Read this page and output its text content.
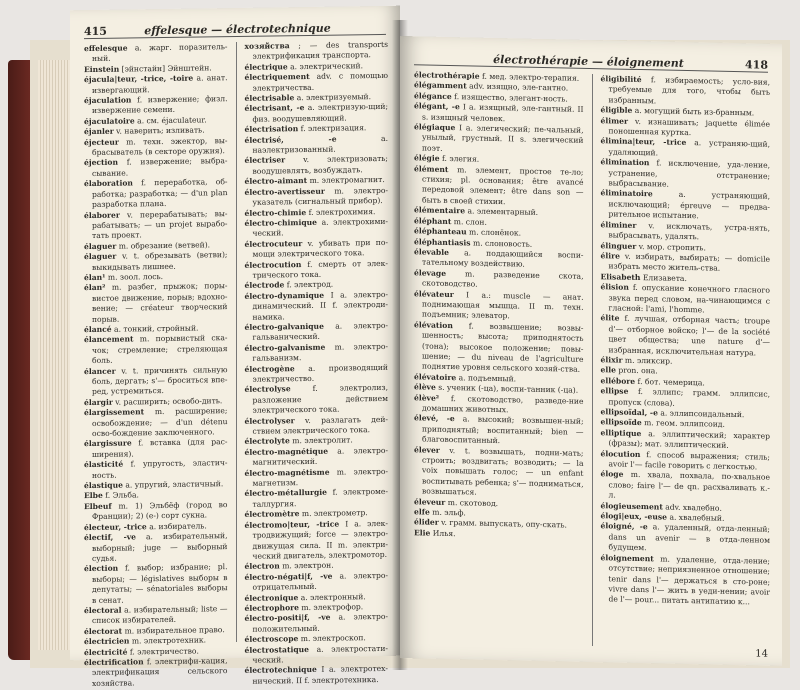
415	effelesque — électrotechnique
effelesque a. жарг. поразитель-ный.
Einstein [эйнстайн] Эйнштейн.
éjacula|teur, -trice, -toire a. анат. извергающий.
éjaculation f. извержение; физл. извержение семени.
éjaculatoire a. см. éjaculateur.
éjanler v. наверить; изливать.
éjecteur m. техн. эжектор, вы-брасыватель (в секторе оружия).
éjection f. извержение; выбра-сывание.
élaboration f. переработка, об-работка; разработка; — d'un plan разработка плана.
élaborer v. перерабатывать; вы-рабатывать; — un projet вырабо-тать проект.
élaguer m. обрезание (ветвей).
élaguer v. t. обрезывать (ветви); выкидывать лишнее.
élan¹ m. зоол. лось.
élan² m. разбег, прыжок; поры-вистое движение, порыв; вдохно-вение; — créateur творческий порыв.
élancé a. тонкий, стройный.
élancement m. порывистый ска-чок; стремление; стреляющая боль.
élancer v. t. причинять сильную боль, дергать; s'— броситься впе-ред, устремиться.
élargir v. расширить; освобо-дить.
élargissement m. расширение; освобождение; — d'un détenu осво-бождение заключенного.
élargissure f. вставка (для рас-ширения).
élasticité f. упругость, эластич-ность.
élastique a. упругий, эластичный.
Elbe f. Эльба.
Elbeuf m. 1) Эльбёф (город во Франции); 2) (е-) сорт сукна.
électeur, -trice a. избиратель.
électif, -ve a. избирательный, выборный; juge — выборный судья.
élection f. выбор; избрание; pl. выборы; — législatives выборы в депутаты; — sénatoriales выборы в сенат.
électoral a. избирательный; liste — список избирателей.
électorat m. избирательное право.
électricien m. электротехник.
électricité f. электричество.
électrification f. электрифи-кация, электрификация сельского хозяйства.
хозяйства ; — des transports электрификация транспорта.
électrique a. электрический.
électriquement adv. с помощью электричества.
électrisable a. электризуемый.
électrisant, -e a. электризую-щий; физ. воодушевляющий.
électrisation f. электризация.
électrisé, -e a. наэлектризованный.
électriser v. электризовать; воодушевлять, возбуждать.
électro-aimant m. электромагнит.
électro-avertisseur m. электро-указатель (сигнальный прибор).
électro-chimie f. электрохимия.
électro-chimique a. электрохими-ческий.
électrocuteur v. убивать при по-мощи электрического тока.
électrocution f. смерть от элек-трического тока.
électrode f. электрод.
électro-dynamique I a. электро-динамический. II f. электроди-намика.
électro-galvanique a. электро-гальванический.
électro-galvanisme m. электро-гальванизм.
électrogène a. производящий электричество.
électrolyse f. электролиз, разложение действием электрического тока.
électrolyser v. разлагать дей-ствием электрического тока.
électrolyte m. электролит.
électro-magnétique a. электро-магнитический.
électro-magnétisme m. электро-магнетизм.
électro-métallurgie f. электроме-таллургия.
électromètre m. электрометр.
électromo|teur, -trice I a. элек-тродвижущий; force — электро-движущая сила. II m. электри-ческий двигатель, электромотор.
électron m. электрон.
électro-négati|f, -ve a. электро-отрицательный.
électronique a. электронный.
électrophore m. электрофор.
électro-positi|f, -ve a. электро-положительный.
électroscope m. электроскоп.
électrostatique a. электростати-ческий.
électrotechnique I a. электротех-нический. II f. электротехника.
électrothérapie — éloignement	418
électrothérapie f. мед. электро-терапия.
élégamment adv. изящно, эле-гантно.
élégance f. изящество, элегант-ность.
élégant, -e I a. изящный, эле-гантный. II s. изящный человек.
élégiaque I a. элегический; пе-чальный, унылый, грустный. II s. элегический поэт.
élégie f. элегия.
élément m. элемент, простое те-ло; стихия; pl. основания; être avancé передовой элемент; être dans son — быть в своей стихии.
élémentaire a. элементарный.
éléphant m. слон.
éléphanteau m. слонёнок.
éléphantiasis m. слоновость.
élevable a. поддающийся воспи-тательному воздействию.
élevage m. разведение скота, скотоводство.
élévateur I a.: muscle — анат. поднимающая мышца. II m. техн. подъемник; элеватор.
élévation f. возвышение; возвы-шенность; высота; приподнятость (тона); высокое положение; повы-шение; — du niveau de l'agriculture поднятие уровня сельского хозяй-ства.
élévatoire a. подъемный.
élève s. ученик (-ца), воспи-танник (-ца).
élève² f. скотоводство, разведе-ние домашних животных.
élevé, -e a. высокий; возвышен-ный; приподнятый; воспитанный; bien — благовоспитанный.
élever v. t. возвышать, подни-мать; строить; воздвигать; возводить; — la voix повышать голос; — un enfant воспитывать ребенка; s'— подниматься, возвышаться.
éleveur m. скотовод.
elfe m. эльф.
élider v. грамм. выпускать, опу-скать.
Elie Илья.
éligibilité f. избираемость; усло-вия, требуемые для того, чтобы быть избранным.
éligible a. могущий быть из-бранным.
élimer v. изнашивать; jaquette élimée поношенная куртка.
élimina|teur, -trice a. устраняю-щий, удаляющий.
élimination f. исключение, уда-ление, устранение, отстранение; выбрасывание.
éliminatoire a. устраняющий, исключающий; épreuve — предва-рительное испытание.
éliminer v. исключать, устра-нять, выбрасывать, удалять.
élinguer v. мор. стропить.
élire v. избирать, выбирать; — domicile избрать место житель-ства.
Elisabeth Елизавета.
élision f. опускание конечного гласного звука перед словом, на-чинающимся с гласной: l'ami, l'homme.
élite f. лучшая, отборная часть; troupe d'— отборное войско; l'— de la société цвет общества; une nature d'— избранная, исключительная натура.
élixir m. эликсир.
elle pron. она.
ellébore f. бот. чемерица.
ellipse f. эллипс; грамм. эллипсис, пропуск (слова).
ellipsoïdal, -e a. эллипсоидальный.
ellipsoïde m. геом. эллипсоид.
elliptique a. эллиптический; характер (фразы); мат. эллиптический.
élocution f. способ выражения; стиль; avoir l'— facile говорить с легкостью.
éloge m. хвала, похвала, по-хвальное слово; faire l'— de qn. расхваливать к.-л.
élogieusement adv. хвалебно.
élogi|eux, -euse a. хвалебный.
éloigné, -e a. удаленный, отда-ленный; dans un avenir — в отда-ленном будущем.
éloignement m. удаление, отда-ление; отсутствие; неприязненное отношение; tenir dans l'— держаться в сто-роне; vivre dans l'— жить в уеди-нении; avoir de l'— pour... питать антипатию к...
14
